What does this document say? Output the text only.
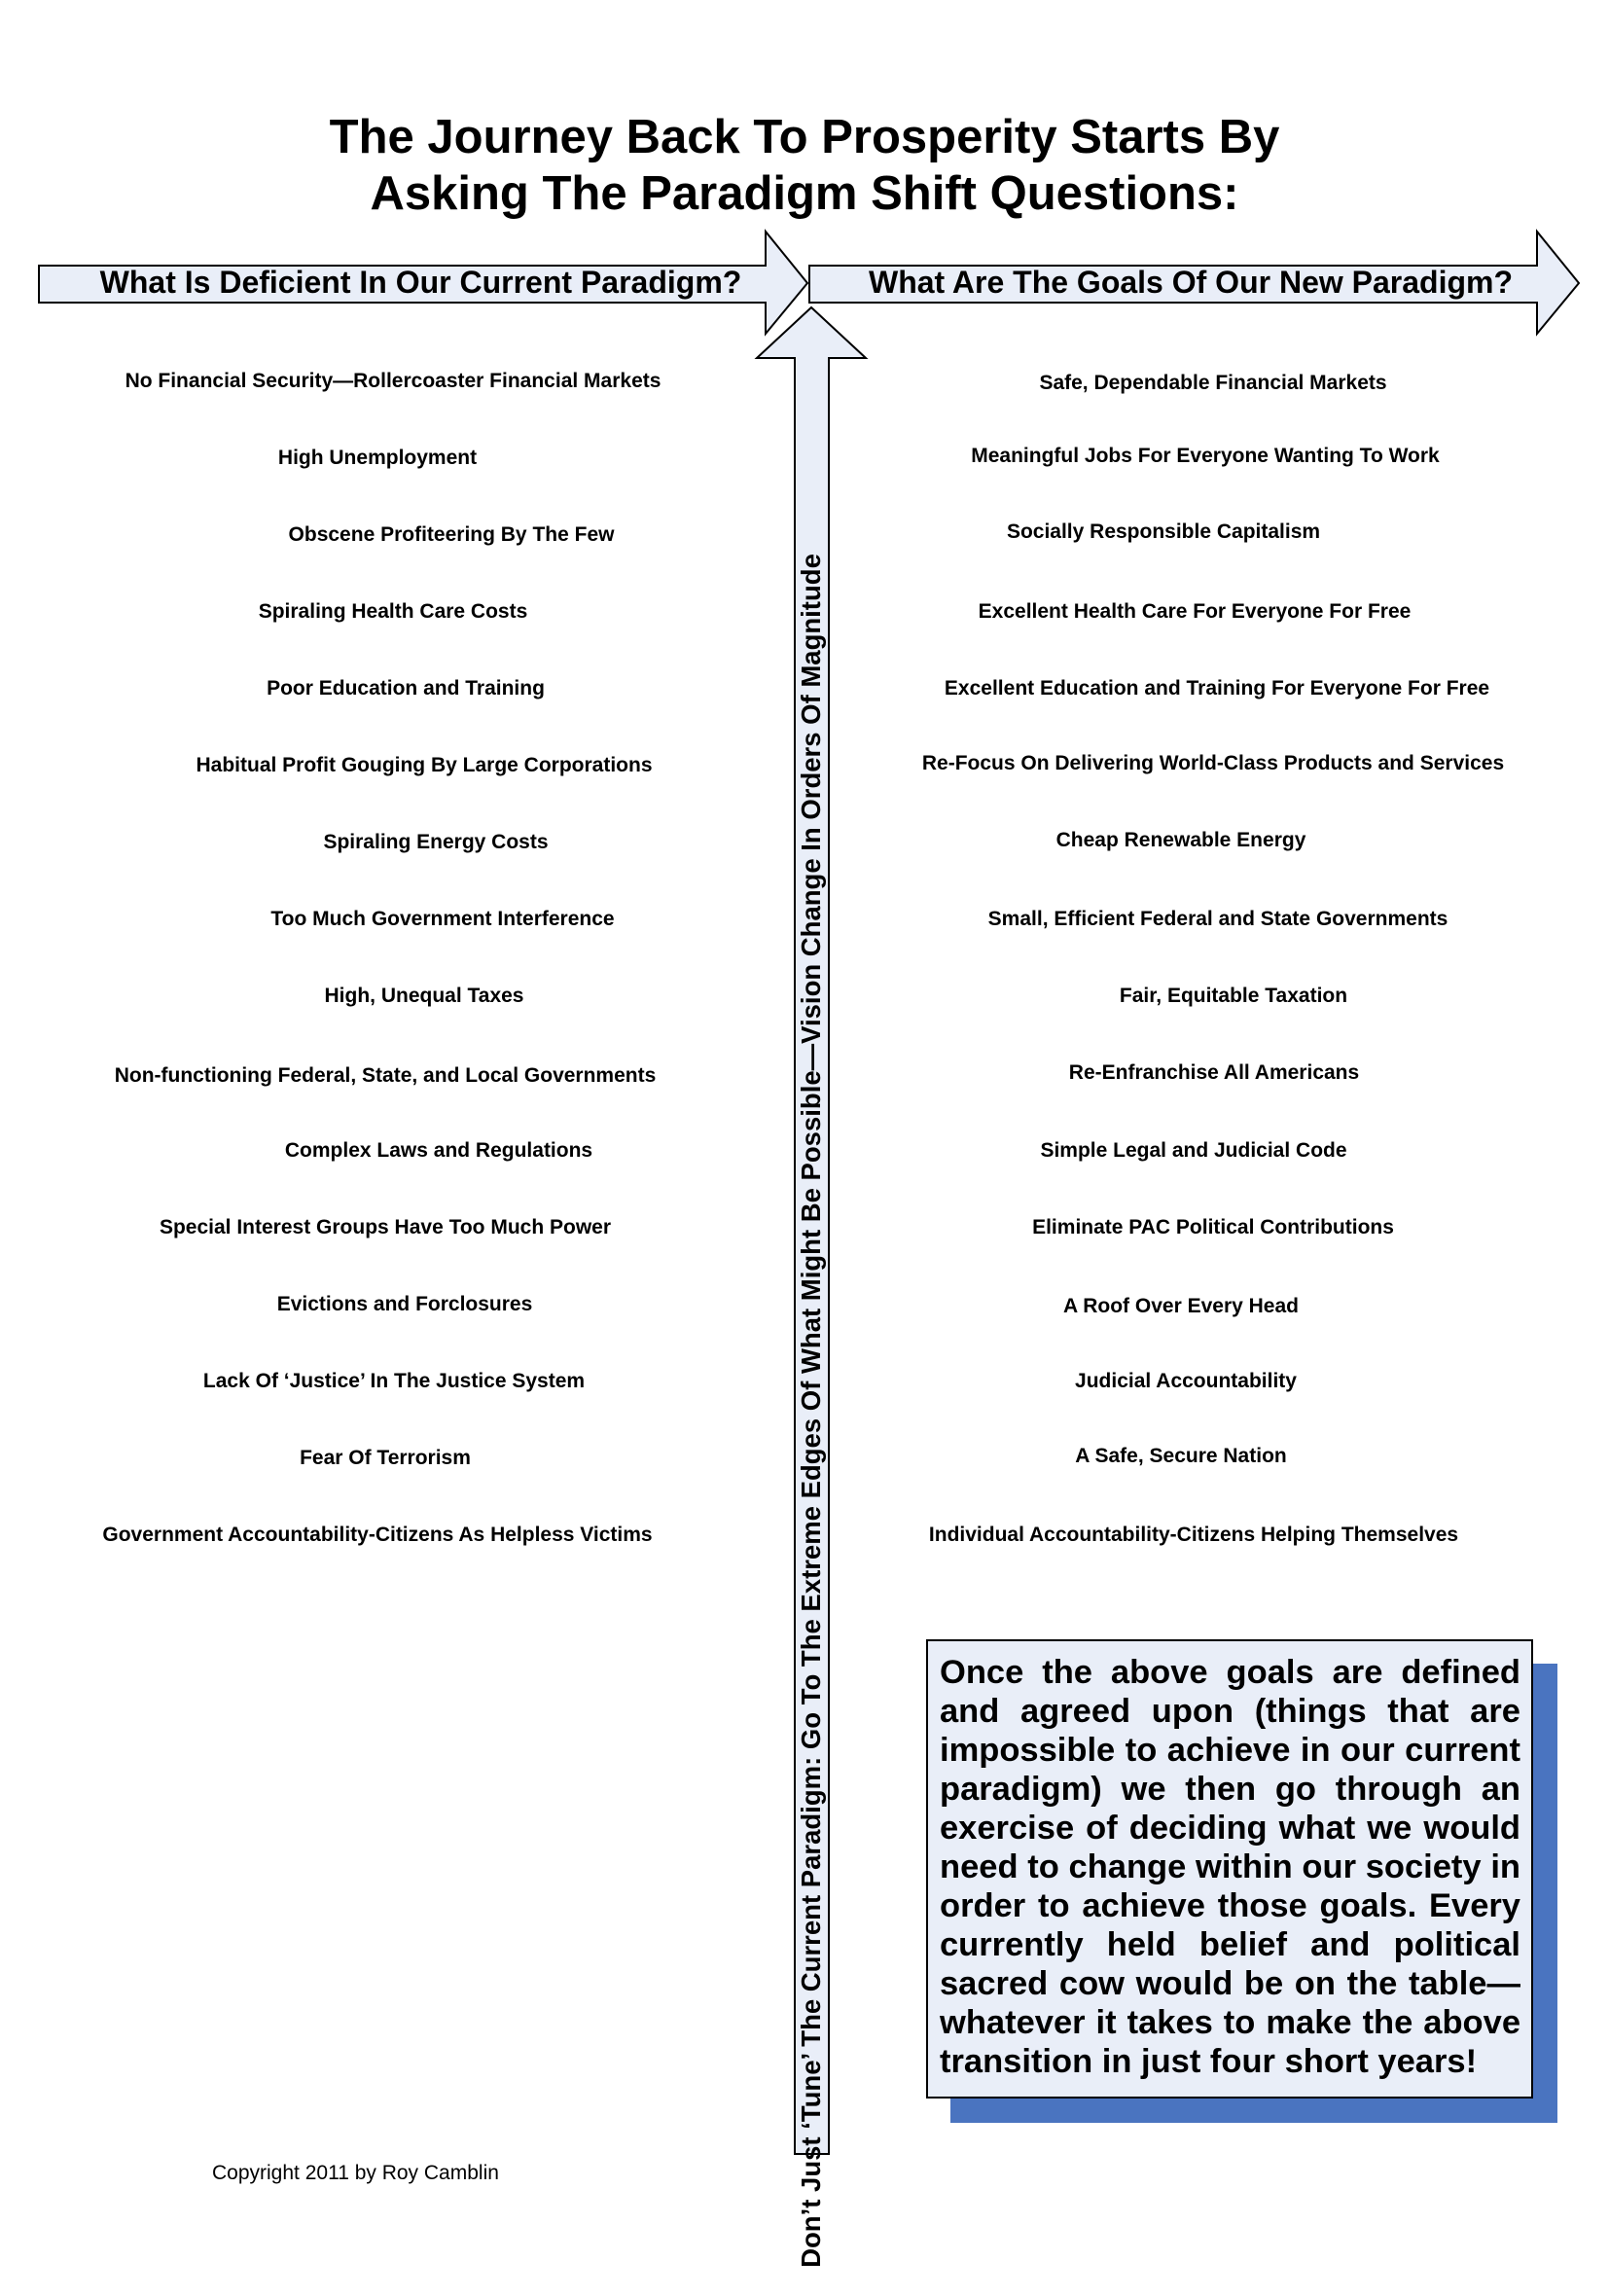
The Journey Back To Prosperity Starts By
Asking The Paradigm Shift Questions:
What Is Deficient In Our Current Paradigm?	What Are The Goals Of Our New Paradigm?
Don’t Just ‘Tune’ The Current Paradigm: Go To The Extreme Edges Of What Might Be Possible—Vision Change In Orders Of Magnitude
No Financial Security—Rollercoaster Financial Markets
High Unemployment
Obscene Profiteering By The Few
Spiraling Health Care Costs
Poor Education and Training
Habitual Profit Gouging By Large Corporations
Spiraling Energy Costs
Too Much Government Interference
High, Unequal Taxes
Non-functioning Federal, State, and Local Governments
Complex Laws and Regulations
Special Interest Groups Have Too Much Power
Evictions and Forclosures
Lack Of ‘Justice’ In The Justice System
Fear Of Terrorism
Government Accountability-Citizens As Helpless Victims
Safe, Dependable Financial Markets
Meaningful Jobs For Everyone Wanting To Work
Socially Responsible Capitalism
Excellent Health Care For Everyone For Free
Excellent Education and Training For Everyone For Free
Re-Focus On Delivering World-Class Products and Services
Cheap Renewable Energy
Small, Efficient Federal and State Governments
Fair, Equitable Taxation
Re-Enfranchise All Americans
Simple Legal and Judicial Code
Eliminate PAC Political Contributions
A Roof Over Every Head
Judicial Accountability
A Safe, Secure Nation
Individual Accountability-Citizens Helping Themselves
Once the above goals are defined and agreed upon (things that are impossible to achieve in our current paradigm) we then go through an exercise of deciding what we would need to change within our society in order to achieve those goals. Every currently held belief and political sacred cow would be on the table—whatever it takes to make the above transition in just four short years!
Copyright 2011 by Roy Camblin
